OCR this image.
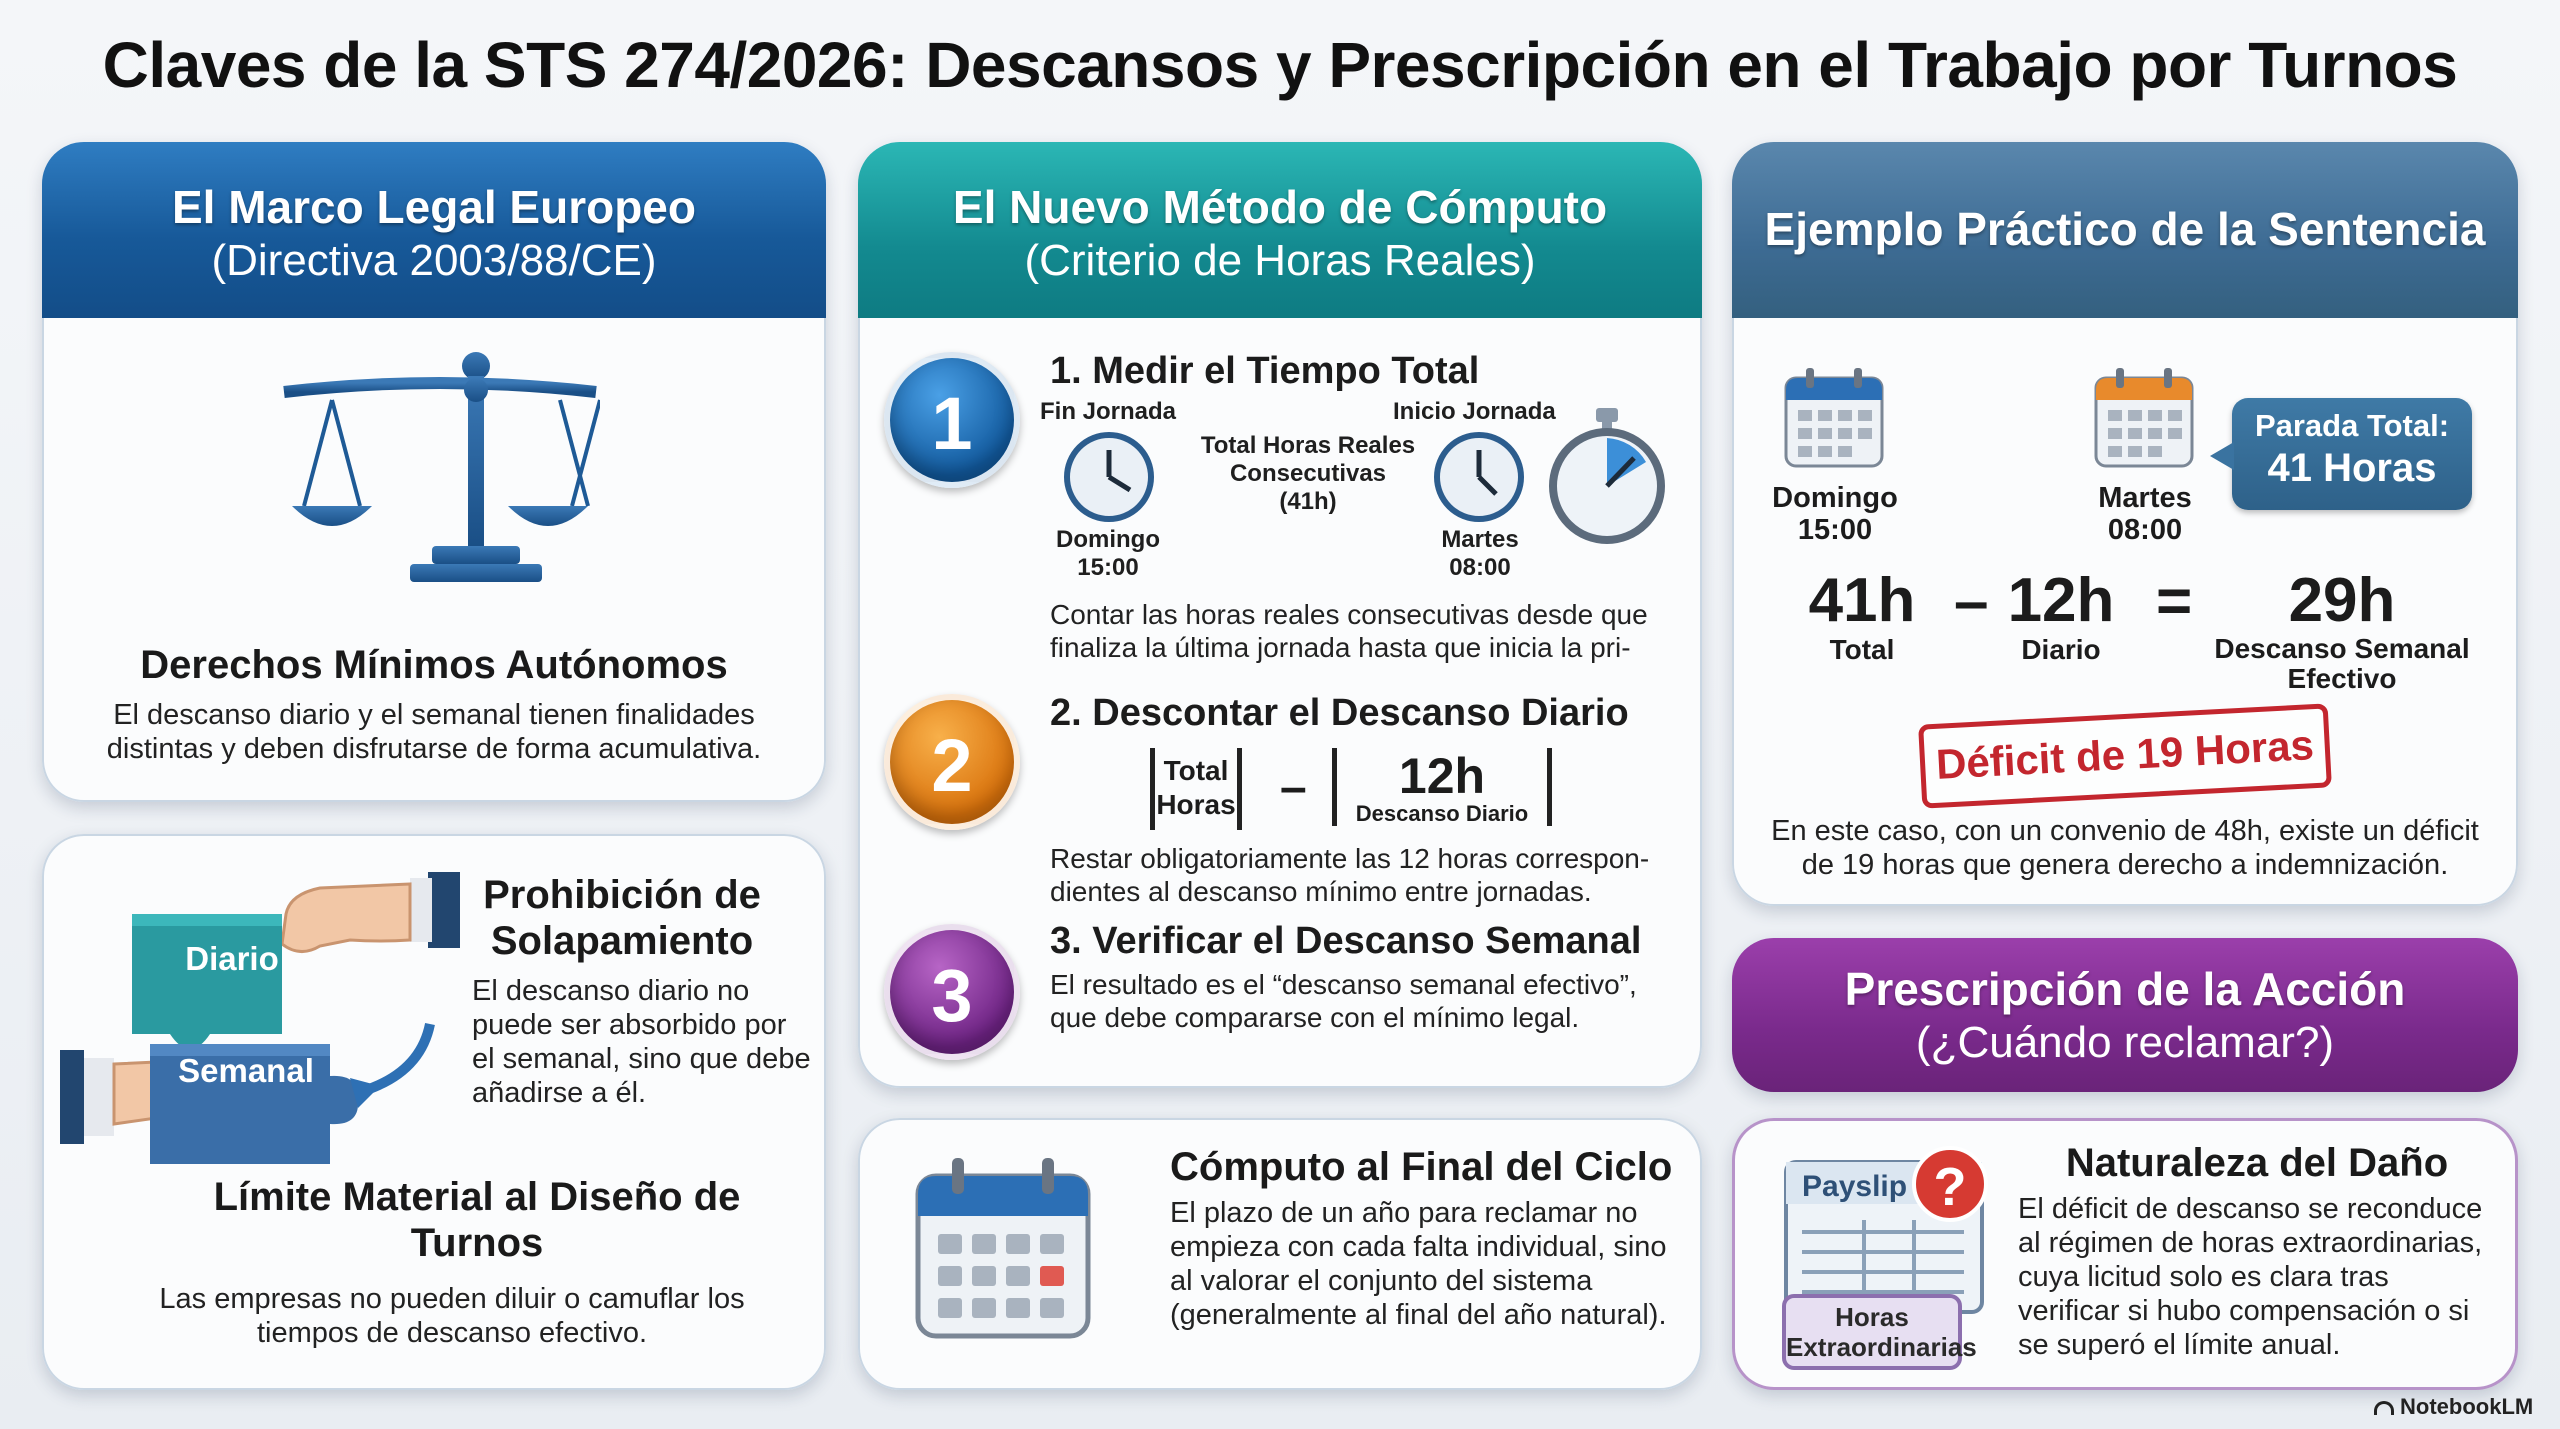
Claves de la STS 274/2026: Descansos y Prescripción en el Trabajo por Turnos
El Marco Legal Europeo
(Directiva 2003/88/CE)
Derechos Mínimos Autónomos
El descanso diario y el semanal tienen finalidades distintas y deben disfrutarse de forma acumulativa.
Diario
Semanal
Prohibición de Solapamiento
El descanso diario no puede ser absorbido por el semanal, sino que debe añadirse a él.
Límite Material al Diseño de Turnos
Las empresas no pueden diluir o camuflar los tiempos de descanso efectivo.
El Nuevo Método de Cómputo
(Criterio de Horas Reales)
1
1. Medir el Tiempo Total
Fin Jornada	Inicio Jornada
Total Horas Reales Consecutivas (41h)
Domingo
15:00
Martes
08:00
Contar las horas reales consecutivas desde que finaliza la última jornada hasta que inicia la pri-
2
2. Descontar el Descanso Diario
Total
Horas –	12h
Descanso Diario
Restar obligatoriamente las 12 horas correspon-dientes al descanso mínimo entre jornadas.
3
3. Verificar el Descanso Semanal
El resultado es el “descanso semanal efectivo”, que debe compararse con el mínimo legal.
Cómputo al Final del Ciclo
El plazo de un año para reclamar no empieza con cada falta individual, sino al valorar el conjunto del sistema (generalmente al final del año natural).
Ejemplo Práctico de la Sentencia
Domingo
15:00
Martes
08:00
Parada Total:
41 Horas
41h
Total
– 12h
Diario
=	29h
Descanso Semanal Efectivo
Déficit de 19 Horas
En este caso, con un convenio de 48h, existe un déficit de 19 horas que genera derecho a indemnización.
Prescripción de la Acción
(¿Cuándo reclamar?)
Payslip ?
Horas
Extraordinarias
Naturaleza del Daño
El déficit de descanso se reconduce al régimen de horas extraordinarias, cuya licitud solo es clara tras verificar si hubo compensación o si se superó el límite anual.
NotebookLM
